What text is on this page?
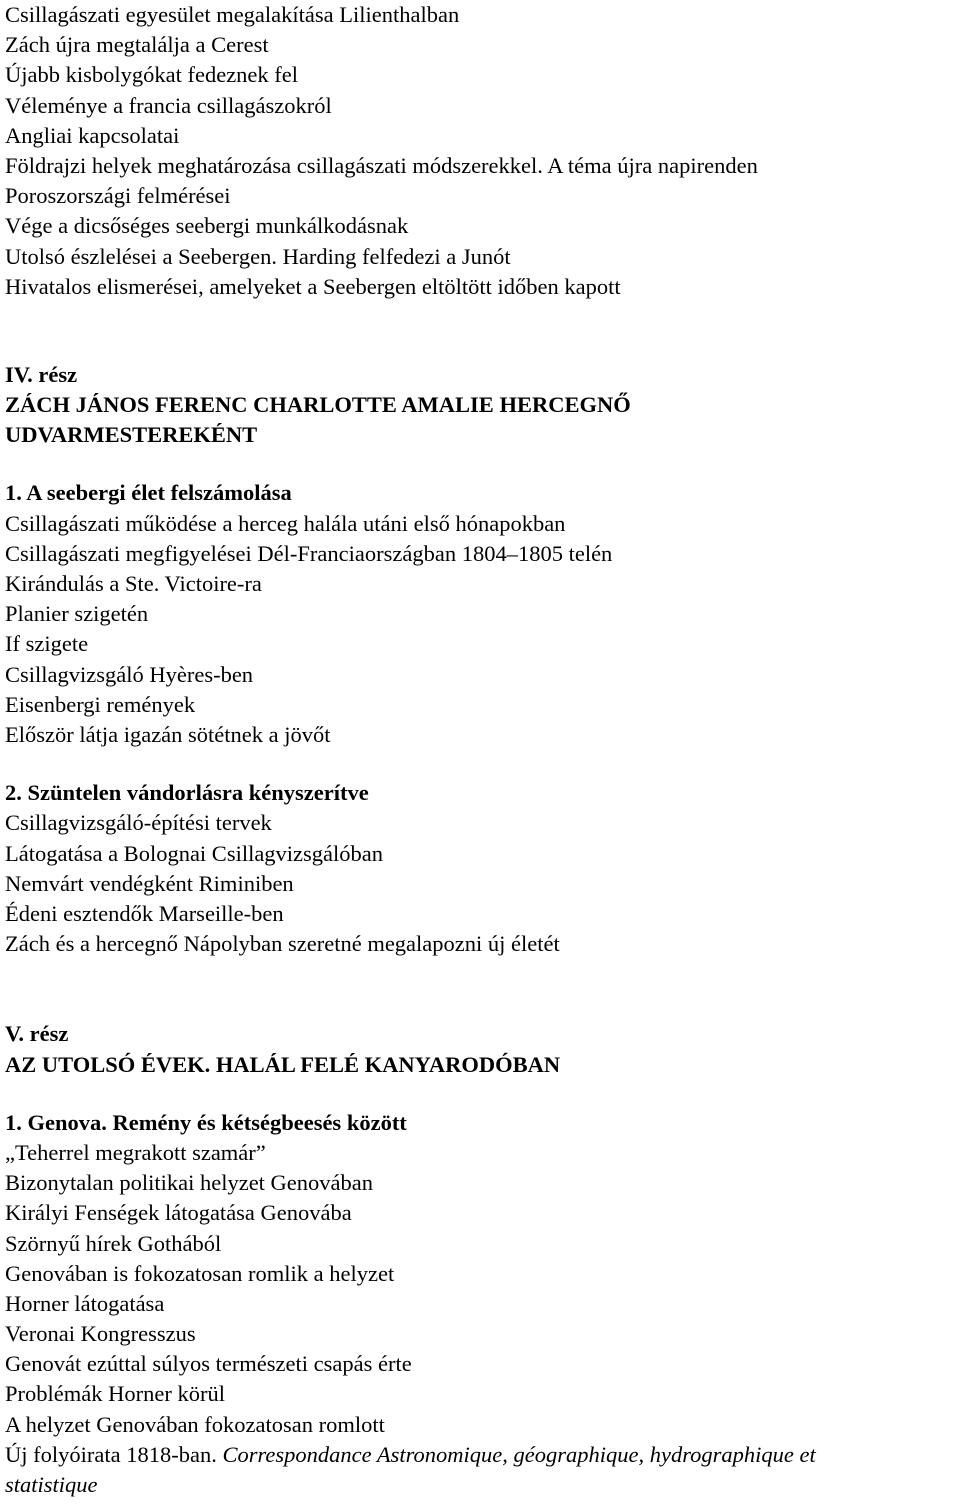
Csillagászati egyesület megalakítása Lilienthalban
Zách újra megtalálja a Cerest
Újabb kisbolygókat fedeznek fel
Véleménye a francia csillagászokról
Angliai kapcsolatai
Földrajzi helyek meghatározása csillagászati módszerekkel. A téma újra napirenden
Poroszországi felmérései
Vége a dicsőséges seebergi munkálkodásnak
Utolsó észlelései a Seebergen. Harding felfedezi a Junót
Hivatalos elismerései, amelyeket a Seebergen eltöltött időben kapott
IV. rész
ZÁCH JÁNOS FERENC CHARLOTTE AMALIE HERCEGNŐ
UDVARMESTEREKÉNT
1. A seebergi élet felszámolása
Csillagászati működése a herceg halála utáni első hónapokban
Csillagászati megfigyelései Dél-Franciaországban 1804–1805 telén
Kirándulás a Ste. Victoire-ra
Planier szigetén
If szigete
Csillagvizsgáló Hyères-ben
Eisenbergi remények
Először látja igazán sötétnek a jövőt
2. Szüntelen vándorlásra kényszerítve
Csillagvizsgáló-építési tervek
Látogatása a Bolognai Csillagvizsgálóban
Nemvárt vendégként Riminiben
Édeni esztendők Marseille-ben
Zách és a hercegnő Nápolyban szeretné megalapozni új életét
V. rész
AZ UTOLSÓ ÉVEK. HALÁL FELÉ KANYARODÓBAN
1. Genova. Remény és kétségbeesés között
„Teherrel megrakott szamár”
Bizonytalan politikai helyzet Genovában
Királyi Fenségek látogatása Genovába
Szörnyű hírek Gothából
Genovában is fokozatosan romlik a helyzet
Horner látogatása
Veronai Kongresszus
Genovát ezúttal súlyos természeti csapás érte
Problémák Horner körül
A helyzet Genovában fokozatosan romlott
Új folyóirata 1818-ban. Correspondance Astronomique, géographique, hydrographique et
statistique
